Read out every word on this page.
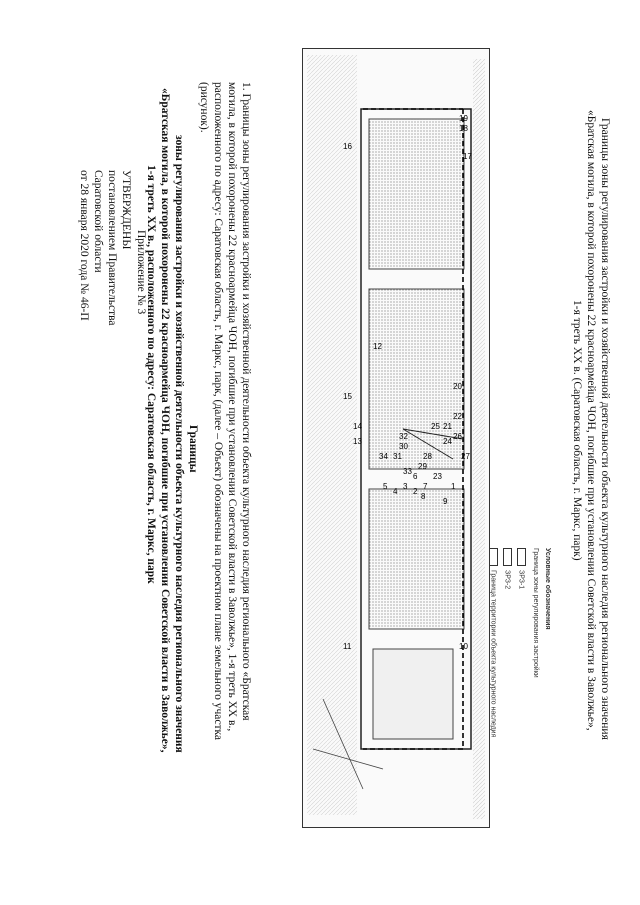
Приложение № 3
УТВЕРЖДЕНЫ
постановлением Правительства
Саратовской области
от 28 января 2020 года № 46-П
Границы
зоны регулирования застройки и хозяйственной деятельности объекта культурного наследия регионального значения
«Братская могила, в которой похоронены 22 красноармейца ЧОН, погибшие при установлении Советской власти в Заволжье»,
1-я треть XX в., расположенного по адресу: Саратовская область, г. Маркс, парк	1. Границы зоны регулирования застройки и хозяйственной деятельности объекта культурного наследия регионального «Братская
могила, в которой похоронены 22 красноармейца ЧОН, погибшие при установлении Советской власти в Заволжье», 1-я треть XX в.,
расположенного по адресу: Саратовская область, г. Маркс, парк, (далее – Объект) обозначены на проектном плане земельного участка
(рисунок).	18
19
16
15
14
13
20
21
22
24
25
26
27
28
29
30
31
32
33
34
6
7
8
9
1
23
10
11
17
2
3
4
5
12
Условные обозначения
Граница зоны регулирования застройки
ЗРЗ-1
ЗРЗ-2
Граница территории объекта культурного наследия	Границы зоны регулирования застройки и хозяйственной деятельности объекта культурного наследия регионального значения
«Братская могила, в которой похоронены 22 красноармейца ЧОН, погибшие при установлении Советской власти в Заволжье»,
1-я треть XX в. (Саратовская область, г. Маркс, парк)
